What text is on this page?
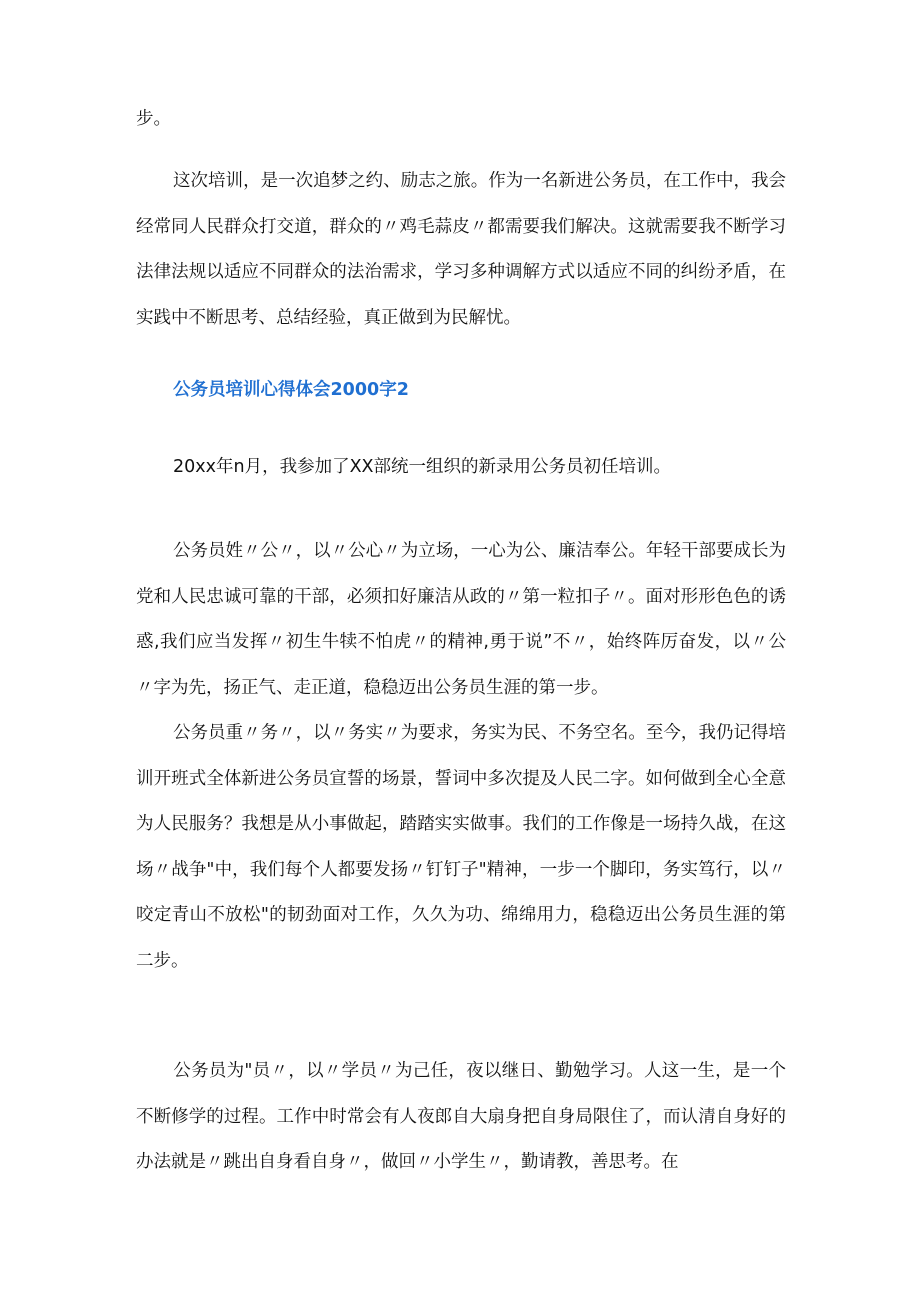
步。

这次培训，是一次追梦之约、励志之旅。作为一名新进公务员，在工作中，我会经常同人民群众打交道，群众的〃鸡毛蒜皮〃都需要我们解决。这就需要我不断学习法律法规以适应不同群众的法治需求，学习多种调解方式以适应不同的纠纷矛盾，在实践中不断思考、总结经验，真正做到为民解忧。

公务员培训心得体会2000字2

20xx年n月，我参加了XX部统一组织的新录用公务员初任培训。

公务员姓〃公〃，以〃公心〃为立场，一心为公、廉洁奉公。年轻干部要成长为党和人民忠诚可靠的干部，必须扣好廉洁从政的〃第一粒扣子〃。面对形形色色的诱惑,我们应当发挥〃初生牛犊不怕虎〃的精神,勇于说”不〃，始终阵厉奋发，以〃公〃字为先，扬正气、走正道，稳稳迈出公务员生涯的第一步。

公务员重〃务〃，以〃务实〃为要求，务实为民、不务空名。至今，我仍记得培训开班式全体新进公务员宣誓的场景，誓词中多次提及人民二字。如何做到全心全意为人民服务？我想是从小事做起，踏踏实实做事。我们的工作像是一场持久战，在这场〃战争"中，我们每个人都要发扬〃钉钉子"精神，一步一个脚印，务实笃行，以〃咬定青山不放松"的韧劲面对工作，久久为功、绵绵用力，稳稳迈出公务员生涯的第二步。

公务员为"员〃，以〃学员〃为己任，夜以继日、勤勉学习。人这一生，是一个不断修学的过程。工作中时常会有人夜郎自大扇身把自身局限住了，而认清自身好的办法就是〃跳出自身看自身〃，做回〃小学生〃，勤请教，善思考。在
